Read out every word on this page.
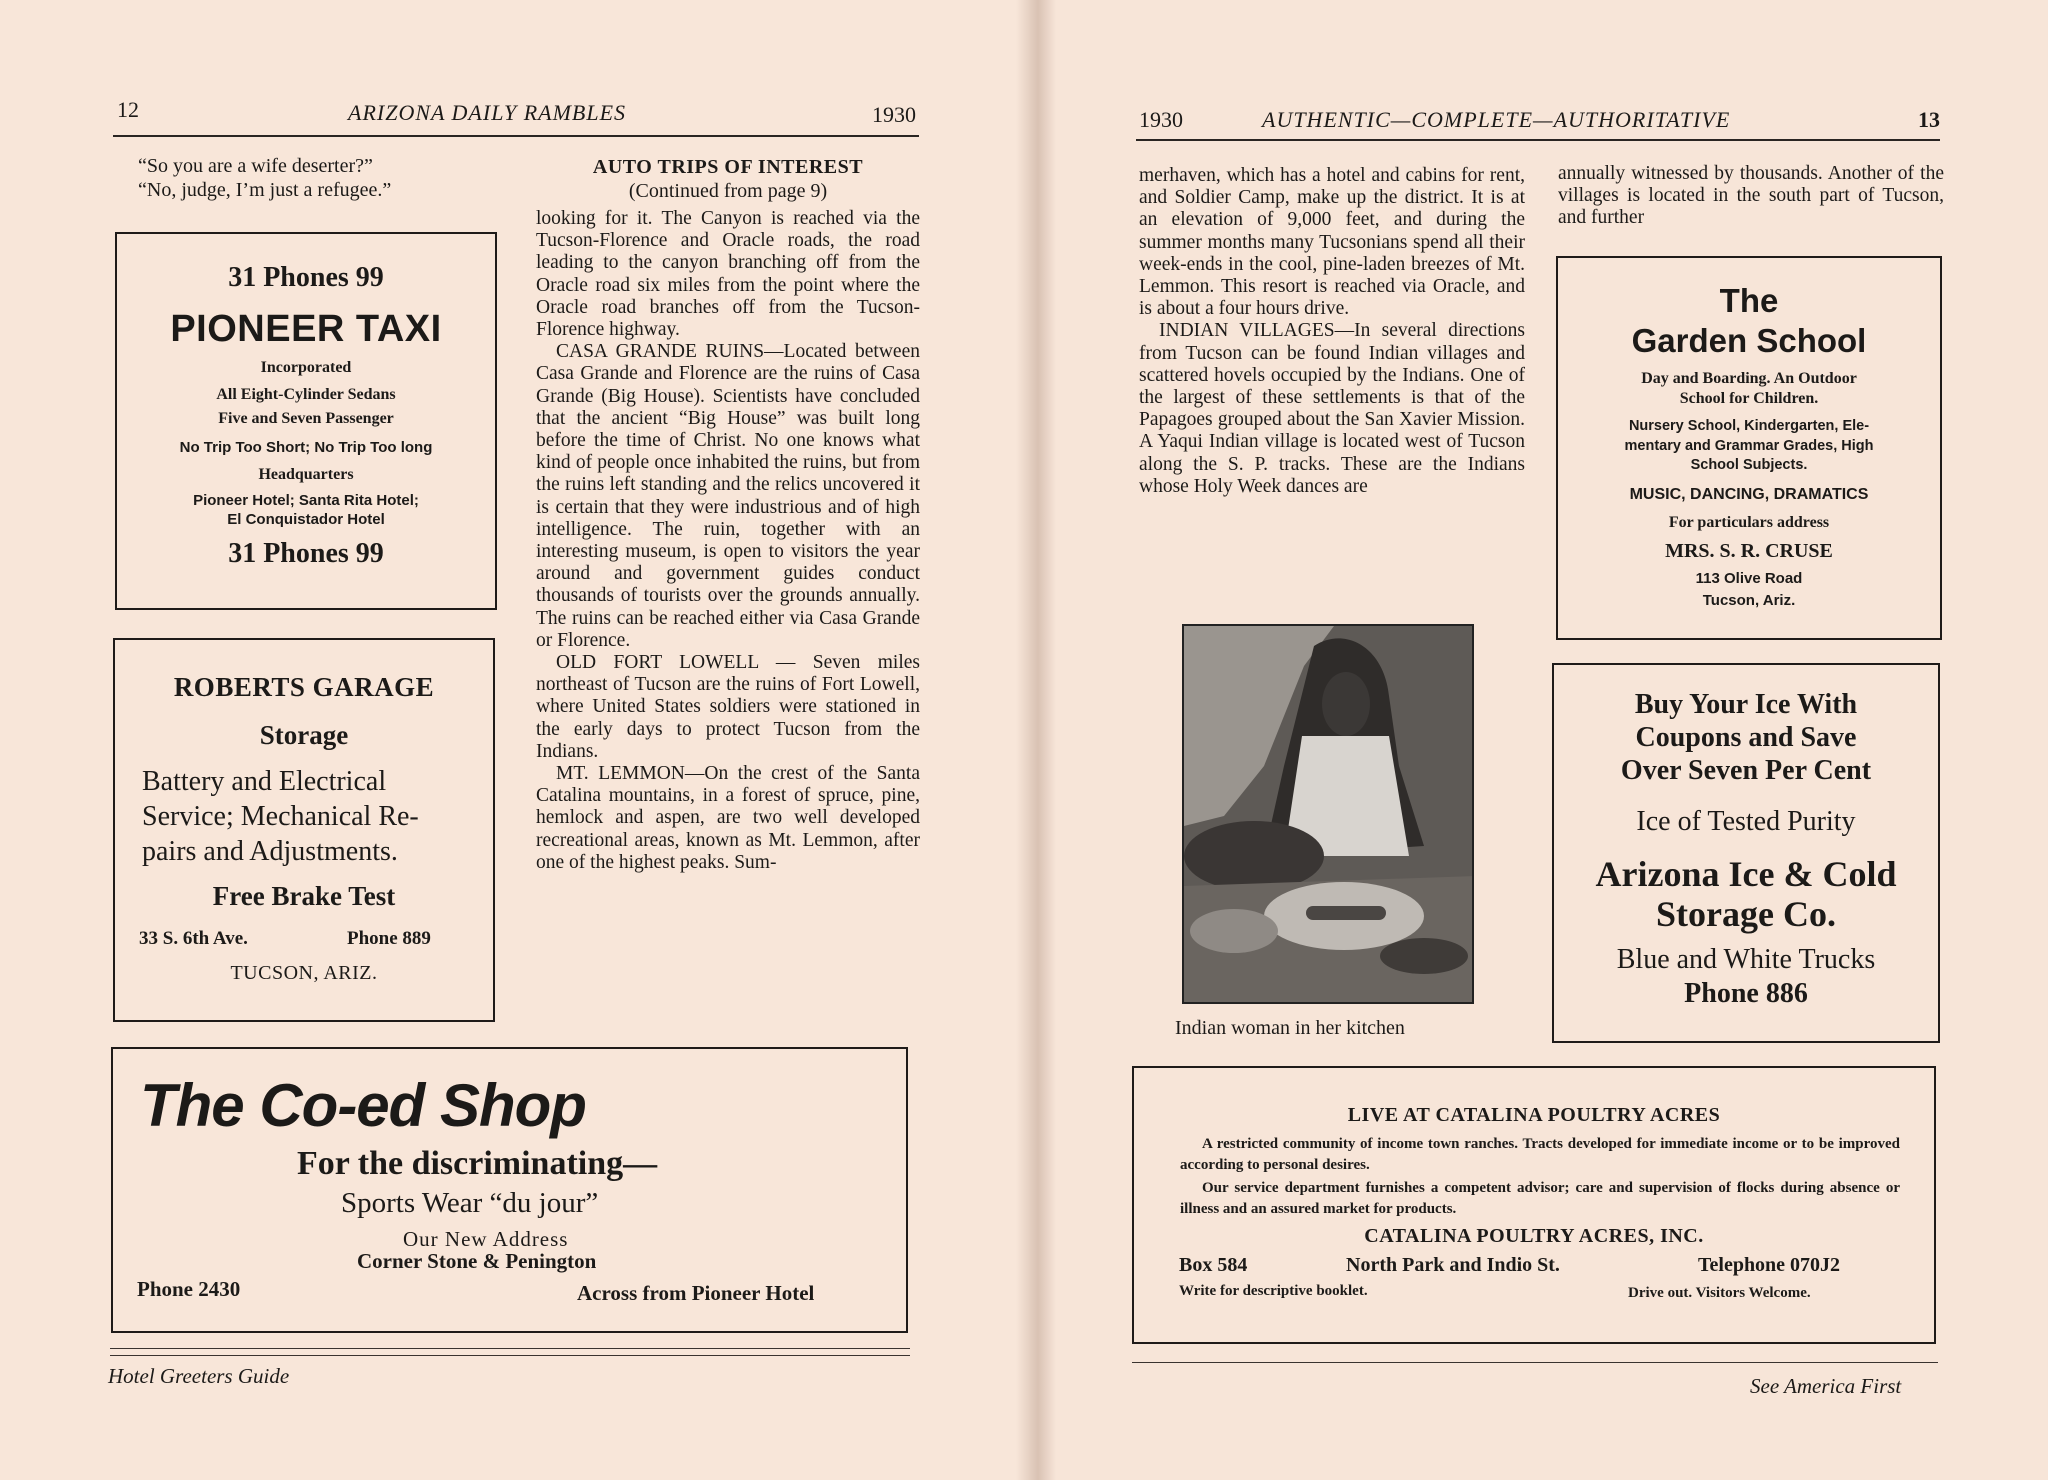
12	ARIZONA DAILY RAMBLES	1930
“So you are a wife deserter?”
“No, judge, I’m just a refugee.”
31 Phones 99
PIONEER TAXI
Incorporated
All Eight-Cylinder Sedans
Five and Seven Passenger
No Trip Too Short; No Trip Too long
Headquarters
Pioneer Hotel; Santa Rita Hotel;
El Conquistador Hotel
31 Phones 99
ROBERTS GARAGE
Storage
Battery and Electrical
Service; Mechanical Re-
pairs and Adjustments.
Free Brake Test
33 S. 6th Ave.	Phone 889
TUCSON, ARIZ.
AUTO TRIPS OF INTEREST
(Continued from page 9)

looking for it. The Canyon is reached via the Tucson-Florence and Oracle roads, the road leading to the canyon branching off from the Oracle road six miles from the point where the Oracle road branches off from the Tucson-Florence highway.

CASA GRANDE RUINS—Located between Casa Grande and Florence are the ruins of Casa Grande (Big House). Scientists have concluded that the ancient “Big House” was built long before the time of Christ. No one knows what kind of people once inhabited the ruins, but from the ruins left standing and the relics uncovered it is certain that they were industrious and of high intelligence. The ruin, together with an interesting museum, is open to visitors the year around and government guides conduct thousands of tourists over the grounds annually. The ruins can be reached either via Casa Grande or Florence.

OLD FORT LOWELL — Seven miles northeast of Tucson are the ruins of Fort Lowell, where United States soldiers were stationed in the early days to protect Tucson from the Indians.

MT. LEMMON—On the crest of the Santa Catalina mountains, in a forest of spruce, pine, hemlock and aspen, are two well developed recreational areas, known as Mt. Lemmon, after one of the highest peaks. Sum-

The Co-ed Shop
For the discriminating—
Sports Wear “du jour”
Our New Address
Corner Stone & Penington
Phone 2430	Across from Pioneer Hotel
Hotel Greeters Guide
1930	AUTHENTIC—COMPLETE—AUTHORITATIVE	13

merhaven, which has a hotel and cabins for rent, and Soldier Camp, make up the district. It is at an elevation of 9,000 feet, and during the summer months many Tucsonians spend all their week-ends in the cool, pine-laden breezes of Mt. Lemmon. This resort is reached via Oracle, and is about a four hours drive.

INDIAN VILLAGES—In several directions from Tucson can be found Indian villages and scattered hovels occupied by the Indians. One of the largest of these settlements is that of the Papagoes grouped about the San Xavier Mission. A Yaqui Indian village is located west of Tucson along the S. P. tracks. These are the Indians whose Holy Week dances are

annually witnessed by thousands. Another of the villages is located in the south part of Tucson, and further

Indian woman in her kitchen
The
Garden School
Day and Boarding. An Outdoor
School for Children.
Nursery School, Kindergarten, Ele-
mentary and Grammar Grades, High
School Subjects.
MUSIC, DANCING, DRAMATICS
For particulars address
MRS. S. R. CRUSE
113 Olive Road
Tucson, Ariz.
Buy Your Ice With
Coupons and Save
Over Seven Per Cent
Ice of Tested Purity
Arizona Ice & Cold
Storage Co.
Blue and White Trucks
Phone 886
LIVE AT CATALINA POULTRY ACRES
A restricted community of income town ranches. Tracts developed for immediate income or to be improved according to personal desires.
Our service department furnishes a competent advisor; care and supervision of flocks during absence or illness and an assured market for products.
CATALINA POULTRY ACRES, INC.
Box 584	North Park and Indio St.	Telephone 070J2
Write for descriptive booklet.	Drive out. Visitors Welcome.
See America First
